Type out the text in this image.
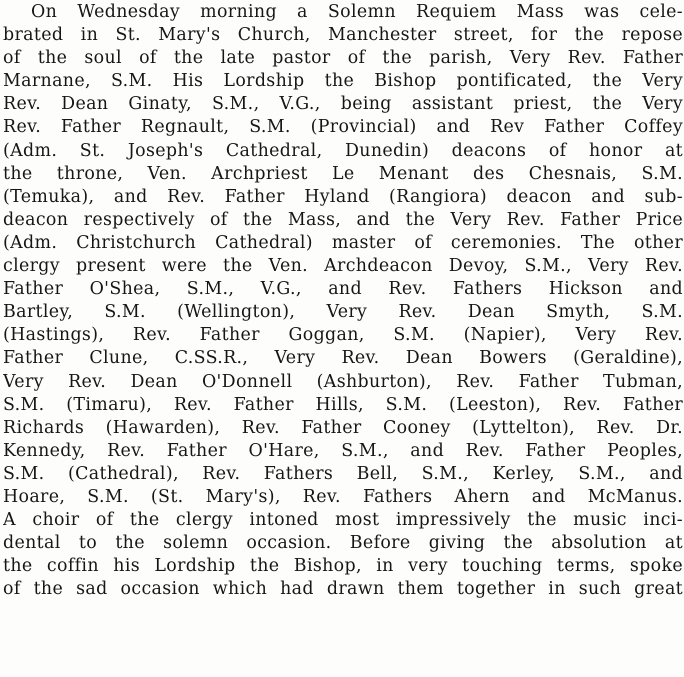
On Wednesday morning a Solemn Requiem Mass was cele-
brated in St. Mary's Church, Manchester street, for the repose
of the soul of the late pastor of the parish, Very Rev. Father
Marnane, S.M. His Lordship the Bishop pontificated, the Very
Rev. Dean Ginaty, S.M., V.G., being assistant priest, the Very
Rev. Father Regnault, S.M. (Provincial) and Rev Father Coffey
(Adm. St. Joseph's Cathedral, Dunedin) deacons of honor at
the throne, Ven. Archpriest Le Menant des Chesnais, S.M.
(Temuka), and Rev. Father Hyland (Rangiora) deacon and sub-
deacon respectively of the Mass, and the Very Rev. Father Price
(Adm. Christchurch Cathedral) master of ceremonies. The other
clergy present were the Ven. Archdeacon Devoy, S.M., Very Rev.
Father O'Shea, S.M., V.G., and Rev. Fathers Hickson and
Bartley, S.M. (Wellington), Very Rev. Dean Smyth, S.M.
(Hastings), Rev. Father Goggan, S.M. (Napier), Very Rev.
Father Clune, C.SS.R., Very Rev. Dean Bowers (Geraldine),
Very Rev. Dean O'Donnell (Ashburton), Rev. Father Tubman,
S.M. (Timaru), Rev. Father Hills, S.M. (Leeston), Rev. Father
Richards (Hawarden), Rev. Father Cooney (Lyttelton), Rev. Dr.
Kennedy, Rev. Father O'Hare, S.M., and Rev. Father Peoples,
S.M. (Cathedral), Rev. Fathers Bell, S.M., Kerley, S.M., and
Hoare, S.M. (St. Mary's), Rev. Fathers Ahern and McManus.
A choir of the clergy intoned most impressively the music inci-
dental to the solemn occasion. Before giving the absolution at
the coffin his Lordship the Bishop, in very touching terms, spoke
of the sad occasion which had drawn them together in such great
